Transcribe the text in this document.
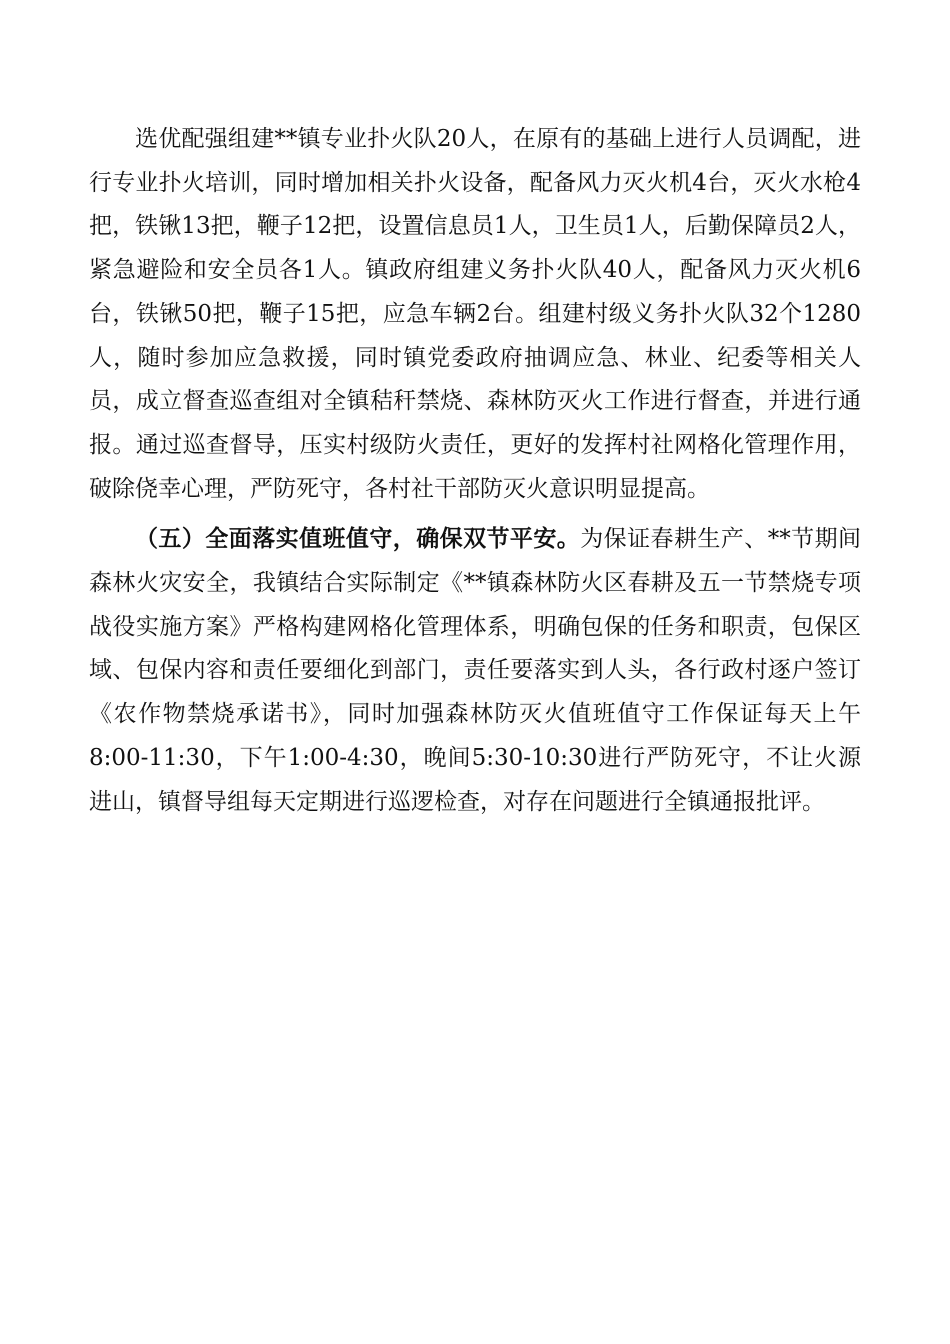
选优配强组建**镇专业扑火队20人，在原有的基础上进行人员调配，进行专业扑火培训，同时增加相关扑火设备，配备风力灭火机4台，灭火水枪4把，铁锹13把，鞭子12把，设置信息员1人，卫生员1人，后勤保障员2人，紧急避险和安全员各1人。镇政府组建义务扑火队40人，配备风力灭火机6台，铁锹50把，鞭子15把，应急车辆2台。组建村级义务扑火队32个1280人，随时参加应急救援，同时镇党委政府抽调应急、林业、纪委等相关人员，成立督查巡查组对全镇秸秆禁烧、森林防灭火工作进行督查，并进行通报。通过巡查督导，压实村级防火责任，更好的发挥村社网格化管理作用，破除侥幸心理，严防死守，各村社干部防灭火意识明显提高。

（五）全面落实值班值守，确保双节平安。为保证春耕生产、**节期间森林火灾安全，我镇结合实际制定《**镇森林防火区春耕及五一节禁烧专项战役实施方案》严格构建网格化管理体系，明确包保的任务和职责，包保区域、包保内容和责任要细化到部门，责任要落实到人头，各行政村逐户签订《农作物禁烧承诺书》，同时加强森林防灭火值班值守工作保证每天上午8:00-11:30，下午1:00-4:30，晚间5:30-10:30进行严防死守，不让火源进山，镇督导组每天定期进行巡逻检查，对存在问题进行全镇通报批评。
